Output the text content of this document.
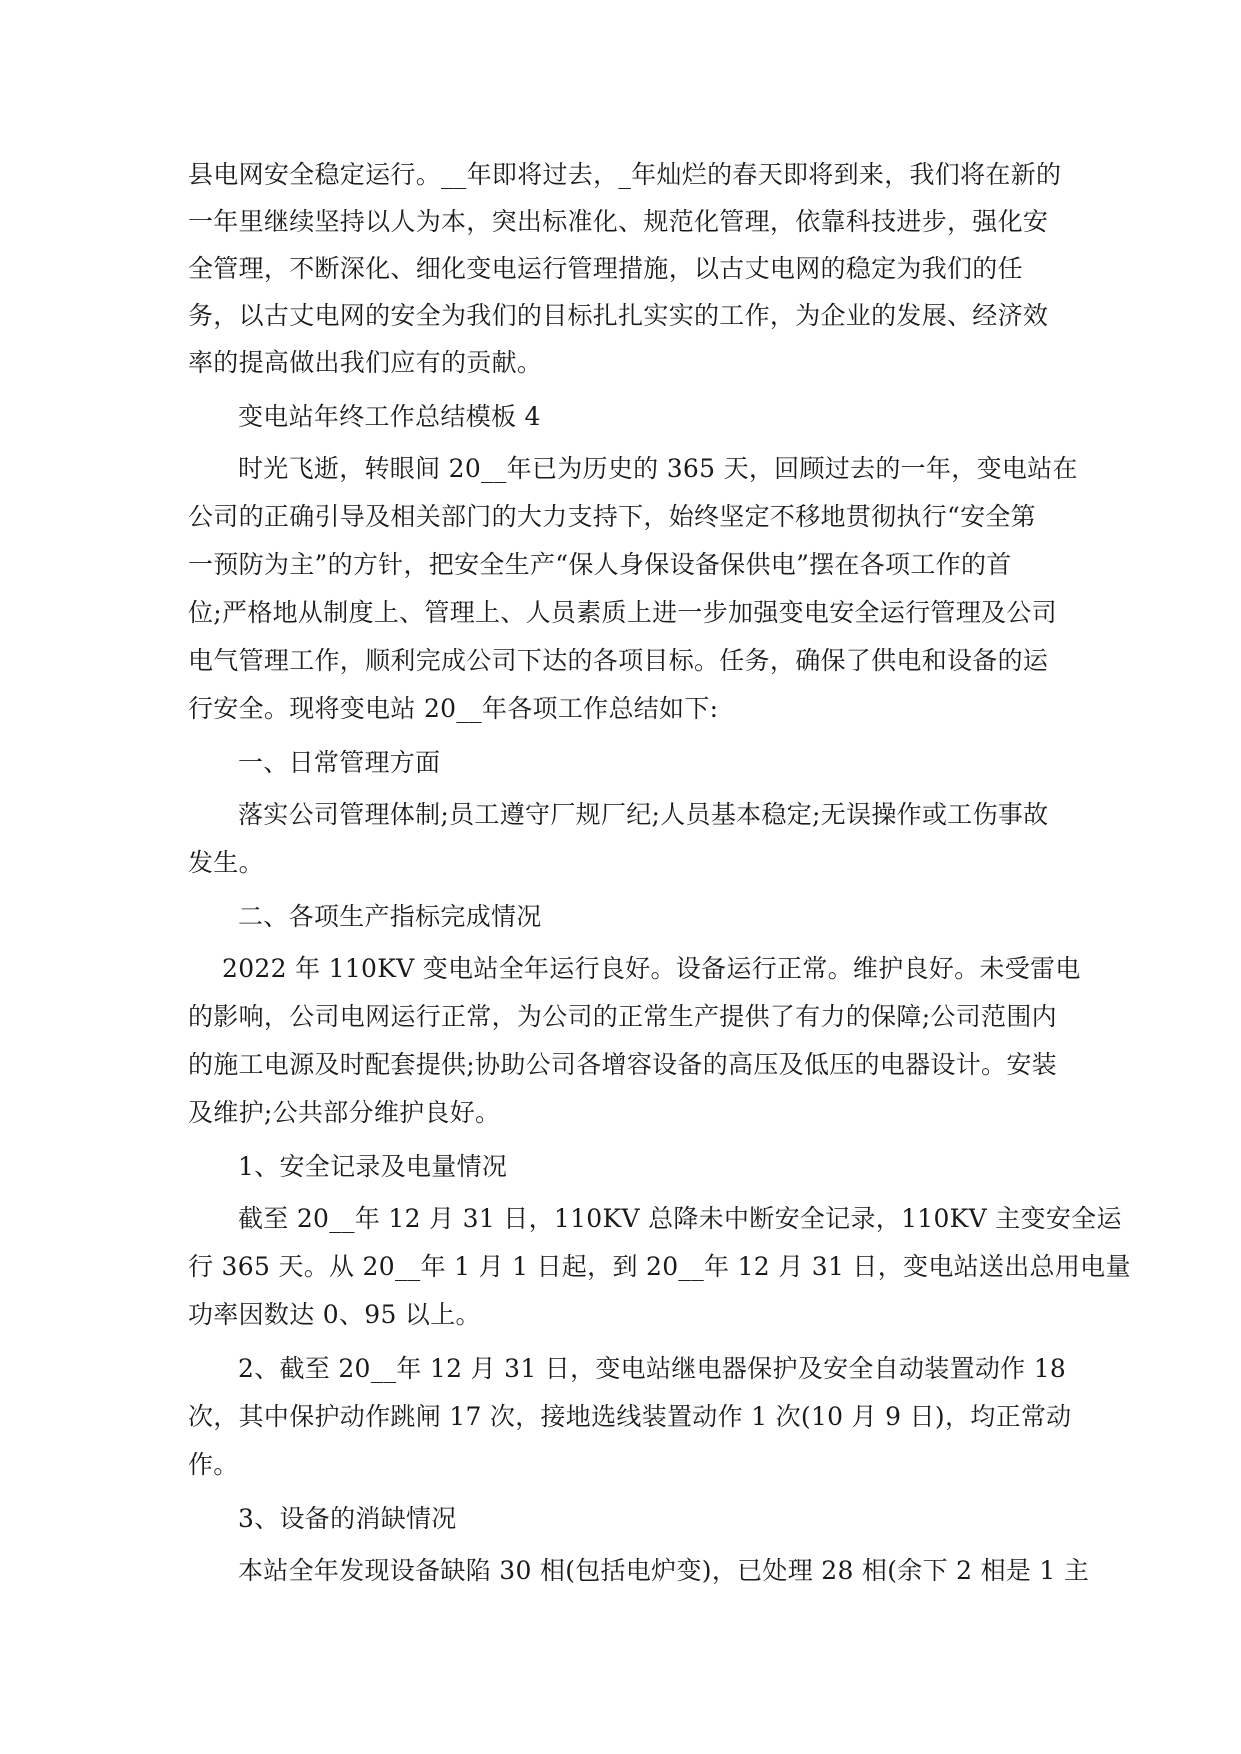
县电网安全稳定运行。__年即将过去，_年灿烂的春天即将到来，我们将在新的
一年里继续坚持以人为本，突出标准化、规范化管理，依靠科技进步，强化安
全管理，不断深化、细化变电运行管理措施，以古丈电网的稳定为我们的任
务，以古丈电网的安全为我们的目标扎扎实实的工作，为企业的发展、经济效
率的提高做出我们应有的贡献。
变电站年终工作总结模板 4
时光飞逝，转眼间 20__年已为历史的 365 天，回顾过去的一年，变电站在
公司的正确引导及相关部门的大力支持下，始终坚定不移地贯彻执行“安全第
一预防为主”的方针，把安全生产“保人身保设备保供电”摆在各项工作的首
位;严格地从制度上、管理上、人员素质上进一步加强变电安全运行管理及公司
电气管理工作，顺利完成公司下达的各项目标。任务，确保了供电和设备的运
行安全。现将变电站 20__年各项工作总结如下:
一、日常管理方面
落实公司管理体制;员工遵守厂规厂纪;人员基本稳定;无误操作或工伤事故
发生。
二、各项生产指标完成情况
2022 年 110KV 变电站全年运行良好。设备运行正常。维护良好。未受雷电
的影响，公司电网运行正常，为公司的正常生产提供了有力的保障;公司范围内
的施工电源及时配套提供;协助公司各增容设备的高压及低压的电器设计。安装
及维护;公共部分维护良好。
1、安全记录及电量情况
截至 20__年 12 月 31 日，110KV 总降未中断安全记录，110KV 主变安全运
行 365 天。从 20__年 1 月 1 日起，到 20__年 12 月 31 日，变电站送出总用电量
功率因数达 0、95 以上。
2、截至 20__年 12 月 31 日，变电站继电器保护及安全自动装置动作 18
次，其中保护动作跳闸 17 次，接地选线装置动作 1 次(10 月 9 日)，均正常动
作。
3、设备的消缺情况
本站全年发现设备缺陷 30 相(包括电炉变)，已处理 28 相(余下 2 相是 1 主
